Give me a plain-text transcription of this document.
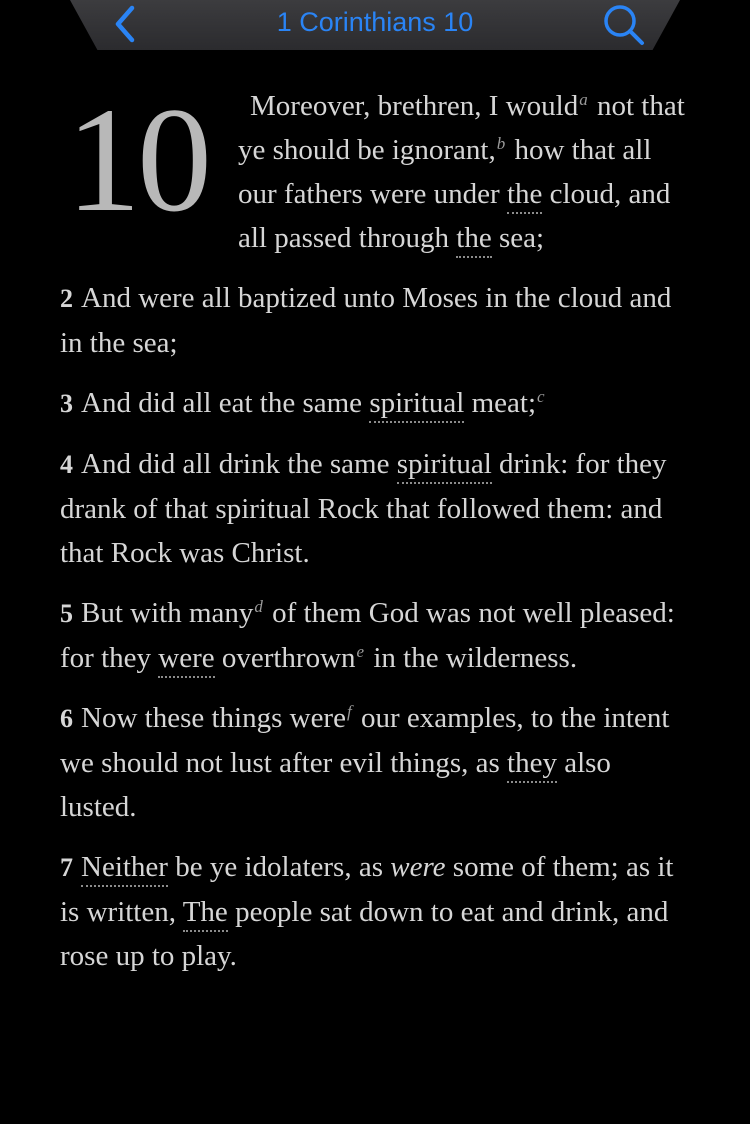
1 Corinthians 10
10	Moreover, brethren, I would$^a$ not that ye should be ignorant,$^b$ how that all our fathers were under the cloud, and all passed through the sea;

2 And were all baptized unto Moses in the cloud and in the sea;

3 And did all eat the same spiritual meat;$^c$

4 And did all drink the same spiritual drink: for they drank of that spiritual Rock that followed them: and that Rock was Christ.

5 But with many$^d$ of them God was not well pleased: for they were overthrown$^e$ in the wilderness.

6 Now these things were$^f$ our examples, to the intent we should not lust after evil things, as they also lusted.

7 Neither be ye idolaters, as were some of them; as it is written, The people sat down to eat and drink, and rose up to play.
